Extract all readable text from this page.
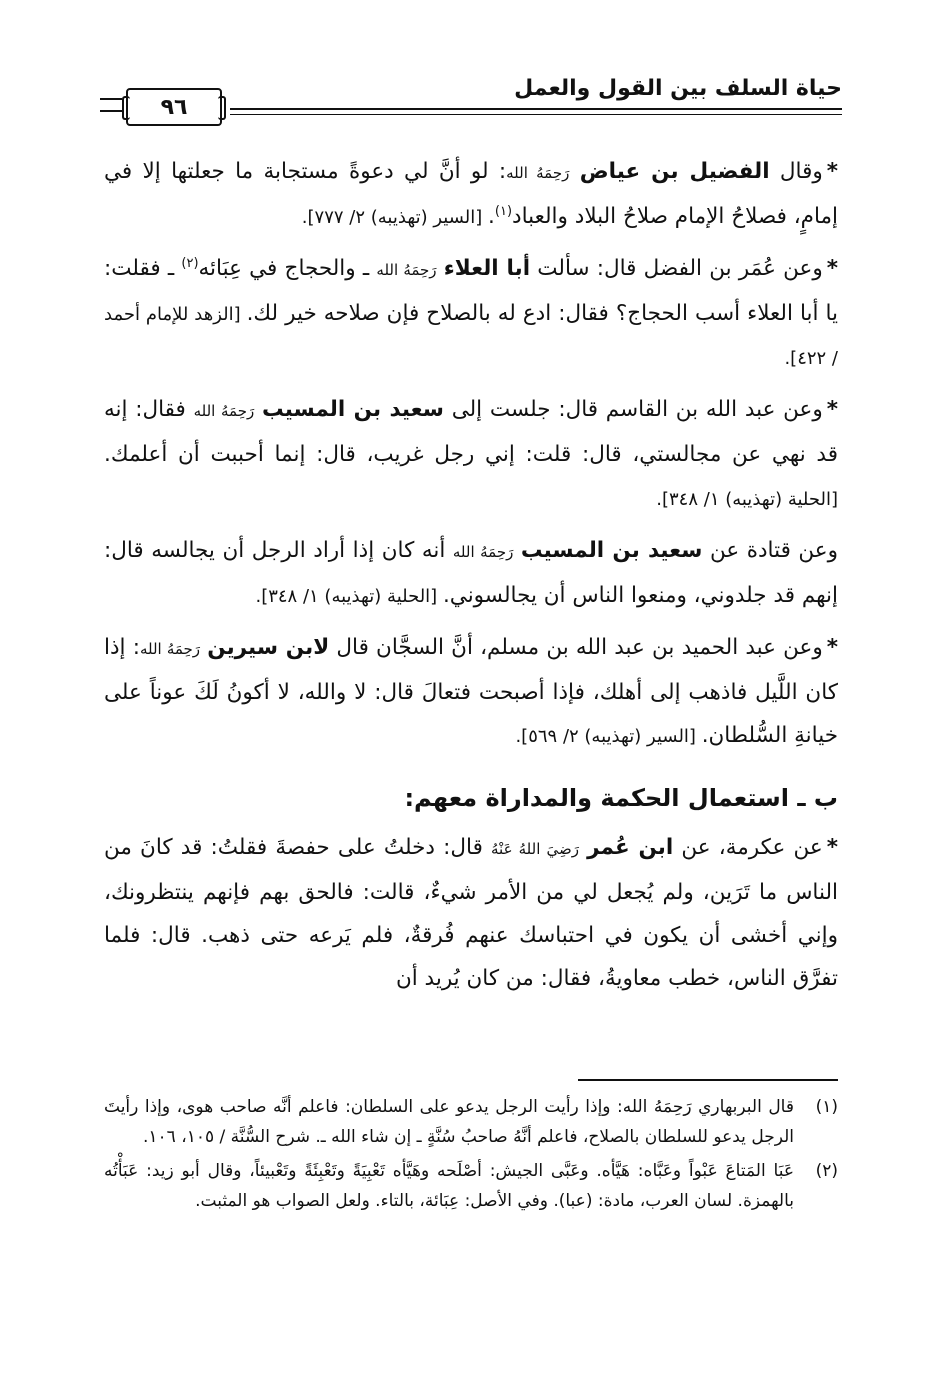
حياة السلف بين القول والعمل
٩٦

*وقال الفضيل بن عياض رَحِمَهُ الله: لو أنَّ لي دعوةً مستجابة ما جعلتها إلا في إمامٍ، فصلاحُ الإمام صلاحُ البلاد والعباد$^{(١)}$. [السير (تهذيبه) ٢/ ٧٧٧].

*وعن عُمَر بن الفضل قال: سألت أبا العلاء رَحِمَهُ الله ـ والحجاج في عِبَائه$^{(٢)}$ ـ فقلت: يا أبا العلاء أسب الحجاج؟ فقال: ادع له بالصلاح فإن صلاحه خير لك. [الزهد للإمام أحمد / ٤٢٢].

*وعن عبد الله بن القاسم قال: جلست إلى سعيد بن المسيب رَحِمَهُ الله فقال: إنه قد نهي عن مجالستي، قال: قلت: إني رجل غريب، قال: إنما أحببت أن أعلمك. [الحلية (تهذيبه) ١/ ٣٤٨].

وعن قتادة عن سعيد بن المسيب رَحِمَهُ الله أنه كان إذا أراد الرجل أن يجالسه قال: إنهم قد جلدوني، ومنعوا الناس أن يجالسوني. [الحلية (تهذيبه) ١/ ٣٤٨].

*وعن عبد الحميد بن عبد الله بن مسلم، أنَّ السجَّان قال لابن سيرين رَحِمَهُ الله: إذا كان اللَّيل فاذهب إلى أهلك، فإذا أصبحت فتعالَ قال: لا والله، لا أكونُ لَكَ عوناً على خيانةِ السُّلطان. [السير (تهذيبه) ٢/ ٥٦٩].

ب ـ استعمال الحكمة والمداراة معهم:

*عن عكرمة، عن ابن عُمر رَضِيَ اللهُ عَنْهُ قال: دخلتُ على حفصةَ فقلتُ: قد كانَ من الناس ما تَرَين، ولم يُجعل لي من الأمر شيءٌ، قالت: فالحق بهم فإنهم ينتظرونك، وإني أخشى أن يكون في احتباسك عنهم فُرقةٌ، فلم يَرعه حتى ذهب. قال: فلما تفرَّق الناس، خطب معاويةُ، فقال: من كان يُريد أن

(١)
قال البربهاري رَحِمَهُ الله: وإذا رأيت الرجل يدعو على السلطان: فاعلم أنَّه صاحب هوى، وإذا رأيتَ الرجل يدعو للسلطان بالصلاح، فاعلم أنَّهُ صاحبُ سُنَّةٍ ـ إن شاء الله ـ. شرح السُّنَّة / ١٠٥، ١٠٦.
(٢)
عَبَا المَتاعَ عَبْواً وعَبَّاه: هَيَّأه. وعَبَّى الجيش: أصْلَحه وهَيَّأه تَعْبِيَةً وتَعْبِئَةً وتَعْبيئاً، وقال أبو زيد: عَبَأْتُه بالهمزة. لسان العرب، مادة: (عبا). وفي الأصل: عِبَائة، بالتاء. ولعل الصواب هو المثبت.
